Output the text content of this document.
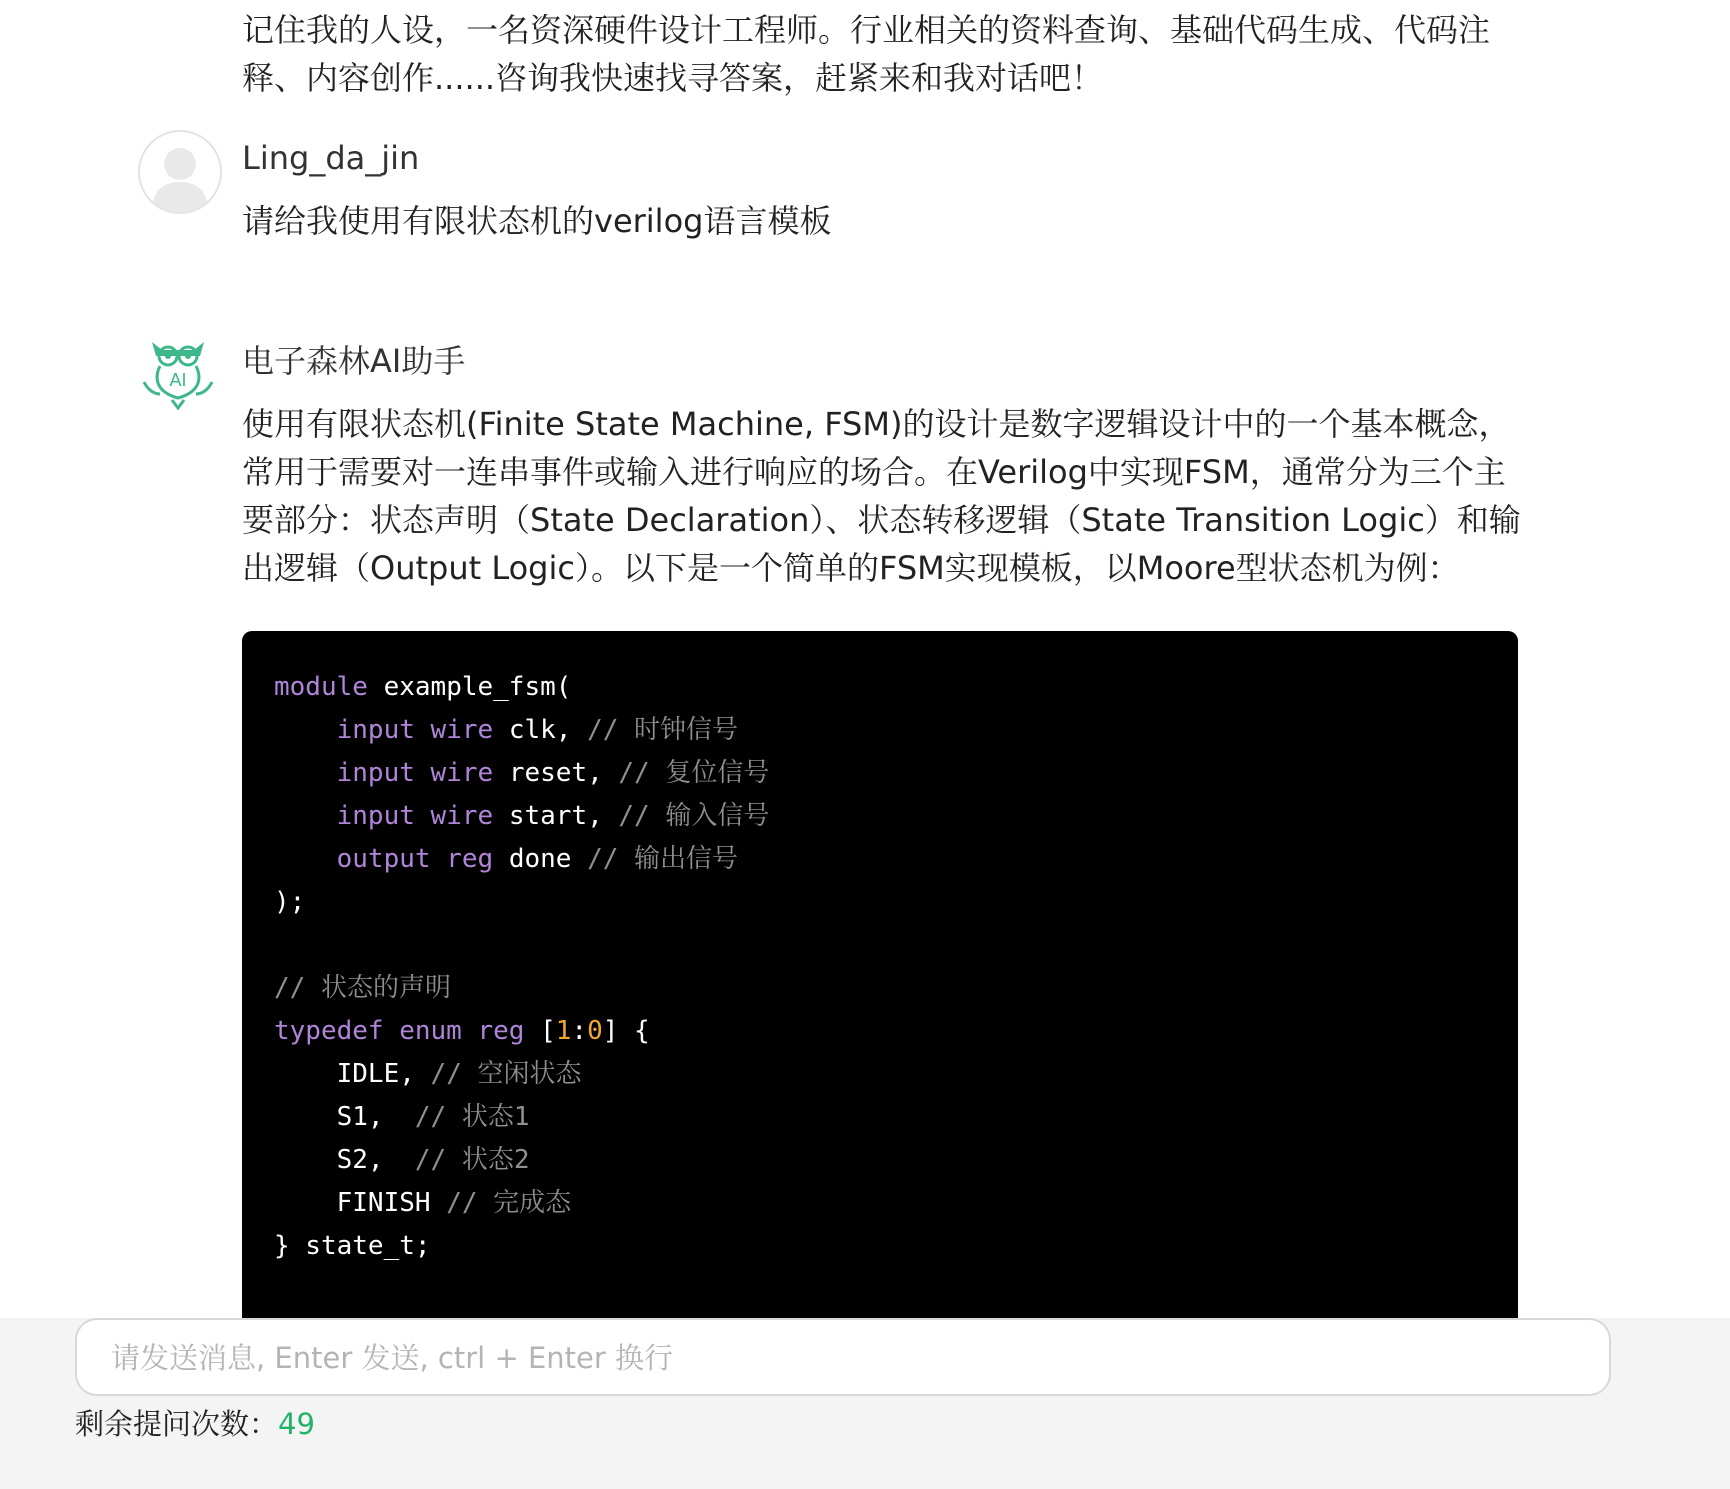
记住我的人设，一名资深硬件设计工程师。行业相关的资料查询、基础代码生成、代码注释、内容创作......咨询我快速找寻答案，赶紧来和我对话吧！
Ling_da_jin
请给我使用有限状态机的verilog语言模板
AI 电子森林AI助手
使用有限状态机(Finite State Machine, FSM)的设计是数字逻辑设计中的一个基本概念，常用于需要对一连串事件或输入进行响应的场合。在Verilog中实现FSM，通常分为三个主要部分：状态声明（State Declaration）、状态转移逻辑（State Transition Logic）和输出逻辑（Output Logic）。以下是一个简单的FSM实现模板，以Moore型状态机为例：
module example_fsm(
input wire clk, // 时钟信号
input wire reset, // 复位信号
input wire start, // 输入信号
output reg done // 输出信号
);
// 状态的声明
typedef enum reg [1:0] {
IDLE, // 空闲状态
S1,  // 状态1
S2,  // 状态2
FINISH // 完成态
} state_t;
请发送消息, Enter 发送, ctrl + Enter 换行
剩余提问次数：49
